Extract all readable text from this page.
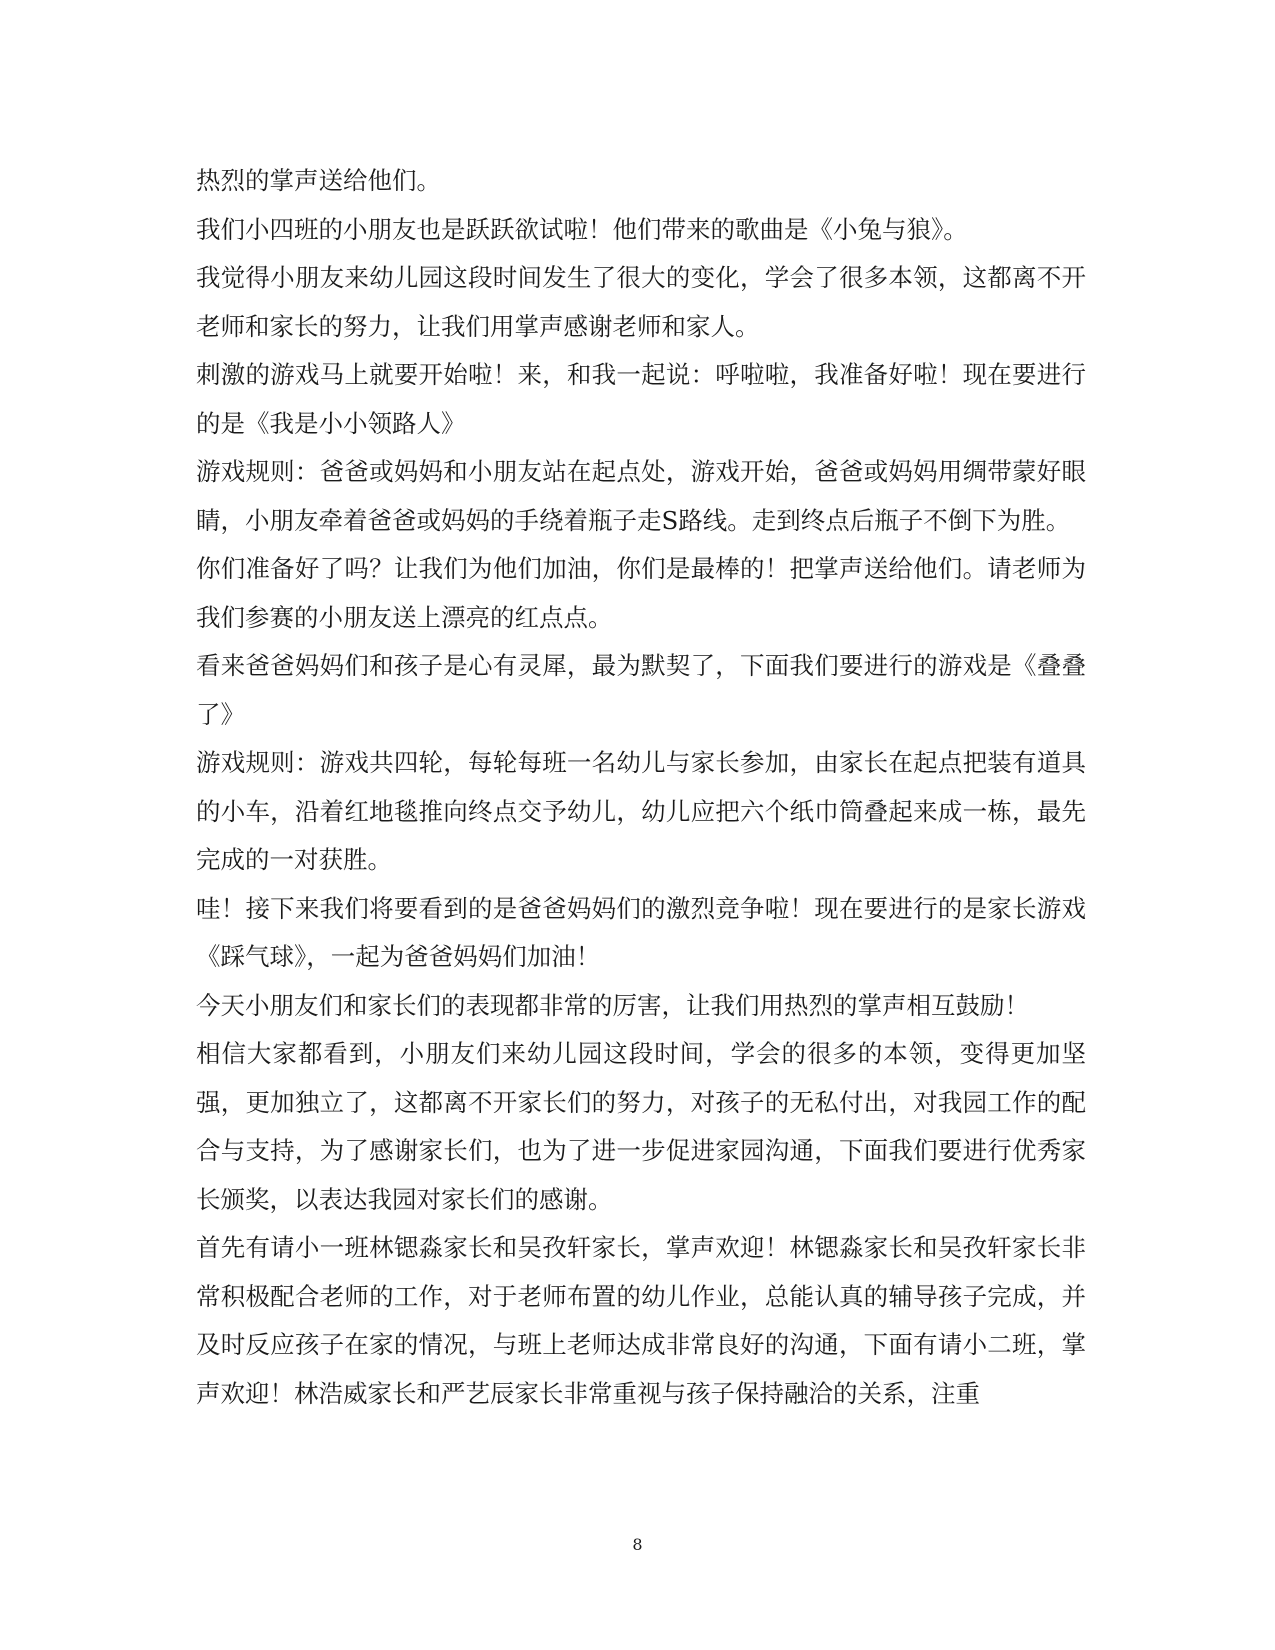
热烈的掌声送给他们。

我们小四班的小朋友也是跃跃欲试啦！他们带来的歌曲是《小兔与狼》。

我觉得小朋友来幼儿园这段时间发生了很大的变化，学会了很多本领，这都离不开老师和家长的努力，让我们用掌声感谢老师和家人。

刺激的游戏马上就要开始啦！来，和我一起说：呼啦啦，我准备好啦！现在要进行的是《我是小小领路人》

游戏规则：爸爸或妈妈和小朋友站在起点处，游戏开始，爸爸或妈妈用绸带蒙好眼睛，小朋友牵着爸爸或妈妈的手绕着瓶子走S路线。走到终点后瓶子不倒下为胜。

你们准备好了吗？让我们为他们加油，你们是最棒的！把掌声送给他们。请老师为我们参赛的小朋友送上漂亮的红点点。

看来爸爸妈妈们和孩子是心有灵犀，最为默契了，下面我们要进行的游戏是《叠叠了》

游戏规则：游戏共四轮，每轮每班一名幼儿与家长参加，由家长在起点把装有道具的小车，沿着红地毯推向终点交予幼儿，幼儿应把六个纸巾筒叠起来成一栋，最先完成的一对获胜。

哇！接下来我们将要看到的是爸爸妈妈们的激烈竞争啦！现在要进行的是家长游戏《踩气球》，一起为爸爸妈妈们加油！

今天小朋友们和家长们的表现都非常的厉害，让我们用热烈的掌声相互鼓励！

相信大家都看到，小朋友们来幼儿园这段时间，学会的很多的本领，变得更加坚强，更加独立了，这都离不开家长们的努力，对孩子的无私付出，对我园工作的配合与支持，为了感谢家长们，也为了进一步促进家园沟通，下面我们要进行优秀家长颁奖，以表达我园对家长们的感谢。

首先有请小一班林锶淼家长和吴孜轩家长，掌声欢迎！林锶淼家长和吴孜轩家长非常积极配合老师的工作，对于老师布置的幼儿作业，总能认真的辅导孩子完成，并及时反应孩子在家的情况，与班上老师达成非常良好的沟通，下面有请小二班，掌声欢迎！林浩威家长和严艺辰家长非常重视与孩子保持融洽的关系，注重

8
